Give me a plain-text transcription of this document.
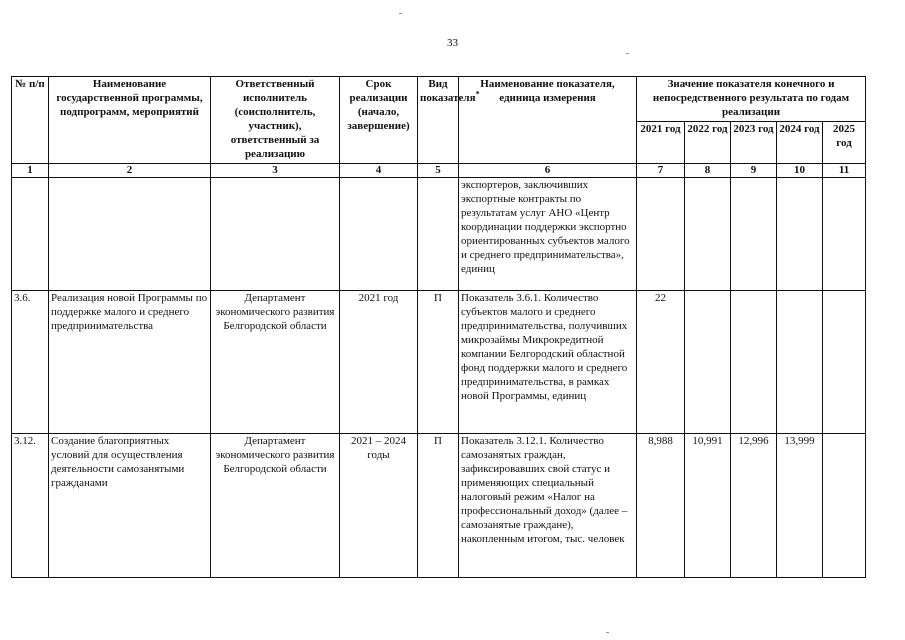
33
№ п/п	Наименование государственной программы, подпрограмм, мероприятий	Ответственный исполнитель (соисполнитель, участник), ответственный за реализацию	Срок реализации (начало, завершение)	Вид показателя*	Наименование показателя, единица измерения	Значение показателя конечного и непосредственного результата по годам реализации				
						2021 год	2022 год	2023 год	2024 год	2025 год
1	2	3	4	5	6	7	8	9	10	11
					экспортеров, заключивших экспортные контракты по результатам услуг АНО «Центр координации поддержки экспортно ориентированных субъектов малого и среднего предпринимательства», единиц					
3.6.	Реализация новой Программы по поддержке малого и среднего предпринимательства	Департамент экономического развития Белгородской области	2021 год	П	Показатель 3.6.1. Количество субъектов малого и среднего предпринимательства, получивших микрозаймы Микрокредитной компании Белгородский областной фонд поддержки малого и среднего предпринимательства, в рамках новой Программы, единиц	22				
3.12.	Создание благоприятных условий для осуществления деятельности самозанятыми гражданами	Департамент экономического развития Белгородской области	2021 – 2024 годы	П	Показатель 3.12.1. Количество самозанятых граждан, зафиксировавших свой статус и применяющих специальный налоговый режим «Налог на профессиональный доход» (далее – самозанятые граждане), накопленным итогом, тыс. человек	8,988	10,991	12,996	13,999	
